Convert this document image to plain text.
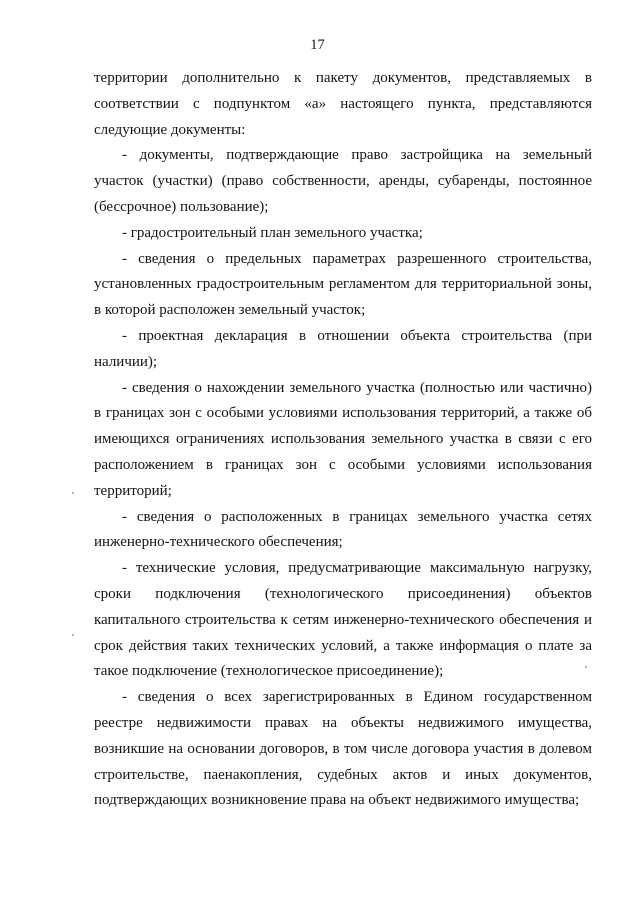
17

территории дополнительно к пакету документов, представляемых в соответствии с подпунктом «а» настоящего пункта, представляются следующие документы:

- документы, подтверждающие право застройщика на земельный участок (участки) (право собственности, аренды, субаренды, постоянное (бессрочное) пользование);

- градостроительный план земельного участка;

- сведения о предельных параметрах разрешенного строительства, установленных градостроительным регламентом для территориальной зоны, в которой расположен земельный участок;

- проектная декларация в отношении объекта строительства (при наличии);

- сведения о нахождении земельного участка (полностью или частично) в границах зон с особыми условиями использования территорий, а также об имеющихся ограничениях использования земельного участка в связи с его расположением в границах зон с особыми условиями использования территорий;

- сведения о расположенных в границах земельного участка сетях инженерно-технического обеспечения;

- технические условия, предусматривающие максимальную нагрузку, сроки подключения (технологического присоединения) объектов капитального строительства к сетям инженерно-технического обеспечения и срок действия таких технических условий, а также информация о плате за такое подключение (технологическое присоединение);

- сведения о всех зарегистрированных в Едином государственном реестре недвижимости правах на объекты недвижимого имущества, возникшие на основании договоров, в том числе договора участия в долевом строительстве, паенакопления, судебных актов и иных документов, подтверждающих возникновение права на объект недвижимого имущества;
